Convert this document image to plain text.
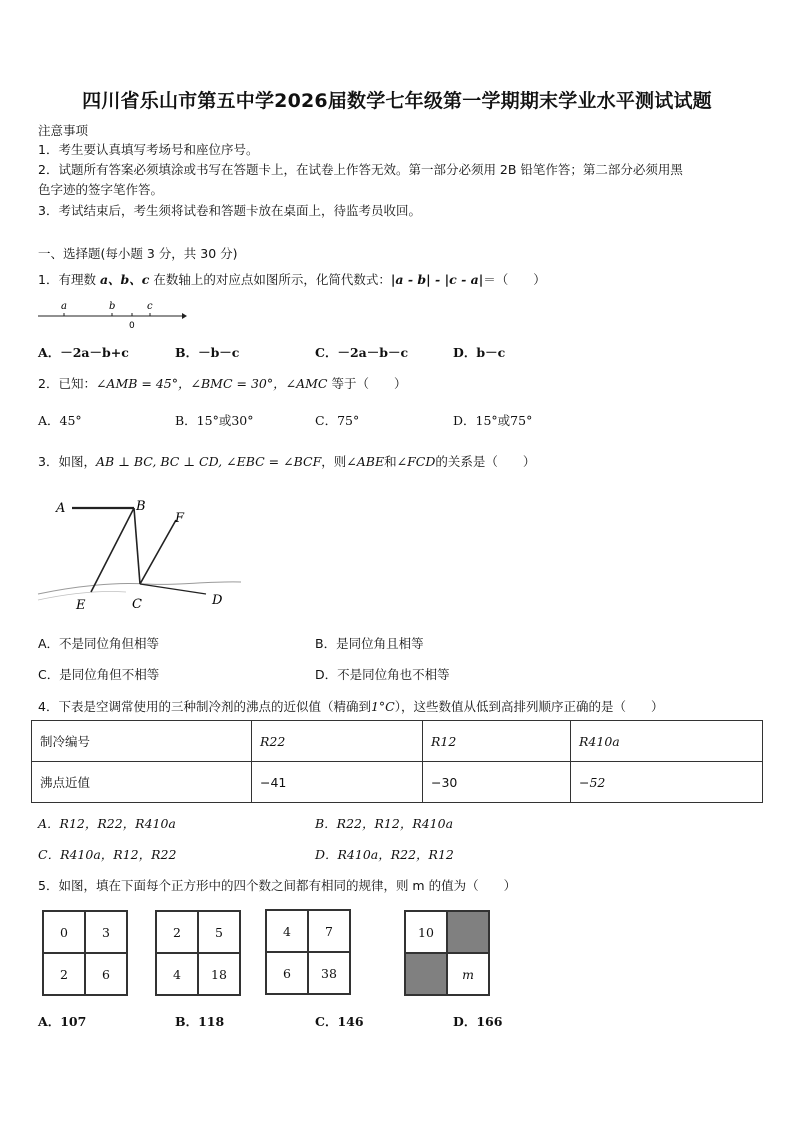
四川省乐山市第五中学2026届数学七年级第一学期期末学业水平测试试题
注意事项
1．考生要认真填写考场号和座位序号。
2．试题所有答案必须填涂或书写在答题卡上，在试卷上作答无效。第一部分必须用 2B 铅笔作答；第二部分必须用黑
色字迹的签字笔作答。
3．考试结束后，考生须将试卷和答题卡放在桌面上，待监考员收回。
一、选择题(每小题 3 分，共 30 分)
1．有理数 a、b、c 在数轴上的对应点如图所示，化简代数式：|a - b| - |c - a|＝（　　）
a	b	c
0
A．－2a－b+c	B．－b－c	C．－2a－b－c	D．b－c
2．已知：∠AMB = 45°，∠BMC = 30°，∠AMC 等于（　　）
A．45°	B．15°或30°	C．75°	D．15°或75°
3．如图，AB ⊥ BC, BC ⊥ CD, ∠EBC = ∠BCF，则∠ABE和∠FCD的关系是（　　）
A	B
F
E	C	D
A．不是同位角但相等	B．是同位角且相等
C．是同位角但不相等	D．不是同位角也不相等
4．下表是空调常使用的三种制冷剂的沸点的近似值（精确到1°C），这些数值从低到高排列顺序正确的是（　　）
制冷编号	R22	R12	R410a
沸点近值	−41	−30	−52
A．R12，R22，R410a	B．R22，R12，R410a
C．R410a，R12，R22	D．R410a，R22，R12
5．如图，填在下面每个正方形中的四个数之间都有相同的规律，则 m 的值为（　　）
0	3
2	6
2	5
4	18
4	7
6	38
10
m
A．107	B．118	C．146	D．166
